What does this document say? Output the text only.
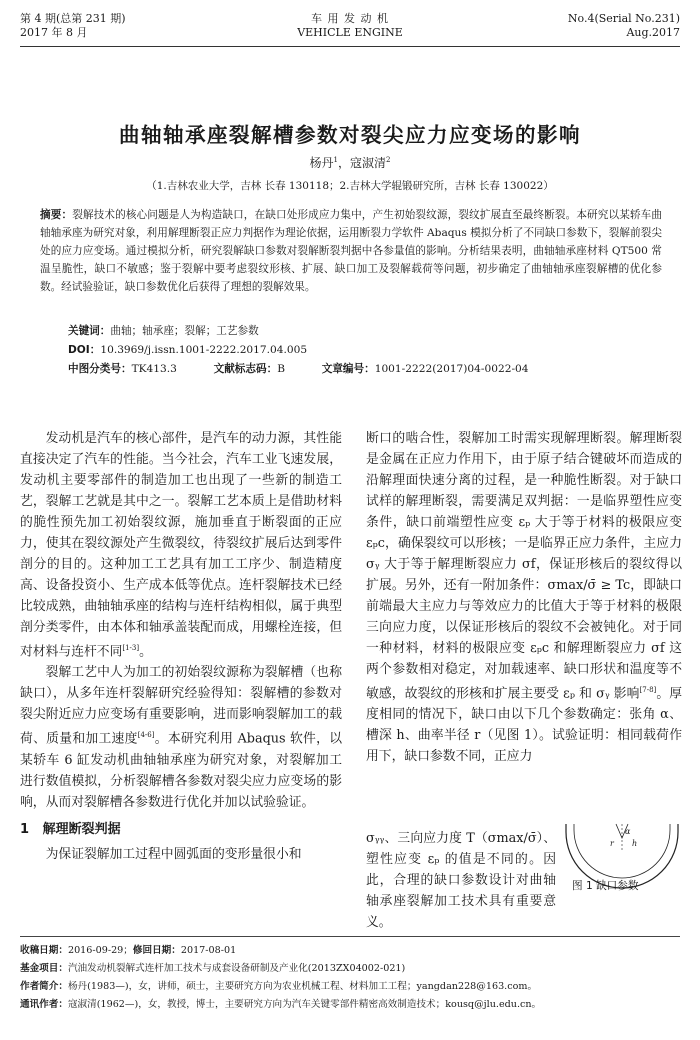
第 4 期(总第 231 期)
2017 年 8 月
车 用 发 动 机
VEHICLE ENGINE
No.4(Serial No.231)
Aug.2017
曲轴轴承座裂解槽参数对裂尖应力应变场的影响
杨丹$^1$，寇淑清$^2$
（1.吉林农业大学，吉林 长春 130118；2.吉林大学辊锻研究所，吉林 长春 130022）
摘要：裂解技术的核心问题是人为构造缺口，在缺口处形成应力集中，产生初始裂纹源，裂纹扩展直至最终断裂。本研究以某轿车曲轴轴承座为研究对象，利用解理断裂正应力判据作为理论依据，运用断裂力学软件 Abaqus 模拟分析了不同缺口参数下，裂解前裂尖处的应力应变场。通过模拟分析，研究裂解缺口参数对裂解断裂判据中各参量值的影响。分析结果表明，曲轴轴承座材料 QT500 常温呈脆性，缺口不敏感；鉴于裂解中要考虑裂纹形核、扩展、缺口加工及裂解载荷等问题，初步确定了曲轴轴承座裂解槽的优化参数。经试验验证，缺口参数优化后获得了理想的裂解效果。
关键词：曲轴；轴承座；裂解；工艺参数
DOI：10.3969/j.issn.1001-2222.2017.04.005
中图分类号：TK413.3	文献标志码：B	文章编号：1001-2222(2017)04-0022-04

发动机是汽车的核心部件，是汽车的动力源，其性能直接决定了汽车的性能。当今社会，汽车工业飞速发展，发动机主要零部件的制造加工也出现了一些新的制造工艺，裂解工艺就是其中之一。裂解工艺本质上是借助材料的脆性预先加工初始裂纹源，施加垂直于断裂面的正应力，使其在裂纹源处产生微裂纹，待裂纹扩展后达到零件剖分的目的。这种加工工艺具有加工工序少、制造精度高、设备投资小、生产成本低等优点。连杆裂解技术已经比较成熟，曲轴轴承座的结构与连杆结构相似，属于典型剖分类零件，由本体和轴承盖装配而成，用螺栓连接，但对材料与连杆不同[1-3]。

裂解工艺中人为加工的初始裂纹源称为裂解槽（也称缺口），从多年连杆裂解研究经验得知：裂解槽的参数对裂尖附近应力应变场有重要影响，进而影响裂解加工的载荷、质量和加工速度[4-6]。本研究利用 Abaqus 软件，以某轿车 6 缸发动机曲轴轴承座为研究对象，对裂解加工进行数值模拟，分析裂解槽各参数对裂尖应力应变场的影响，从而对裂解槽各参数进行优化并加以试验验证。

1 解理断裂判据

为保证裂解加工过程中圆弧面的变形量很小和

断口的啮合性，裂解加工时需实现解理断裂。解理断裂是金属在正应力作用下，由于原子结合键破坏而造成的沿解理面快速分离的过程，是一种脆性断裂。对于缺口试样的解理断裂，需要满足双判据：一是临界塑性应变条件，缺口前端塑性应变 εₚ 大于等于材料的极限应变 εₚc，确保裂纹可以形核；一是临界正应力条件，主应力 σᵧ 大于等于解理断裂应力 σf，保证形核后的裂纹得以扩展。另外，还有一附加条件：σmax/σ̄ ≥ Tc，即缺口前端最大主应力与等效应力的比值大于等于材料的极限三向应力度，以保证形核后的裂纹不会被钝化。对于同一种材料，材料的极限应变 εₚc 和解理断裂应力 σf 这两个参数相对稳定，对加载速率、缺口形状和温度等不敏感，故裂纹的形核和扩展主要受 εₚ 和 σᵧ 影响[7-8]。厚度相同的情况下，缺口由以下几个参数确定：张角 α、槽深 h、曲率半径 r（见图 1）。试验证明：相同载荷作用下，缺口参数不同，正应力
σᵧᵧ、三向应力度 T（σmax/σ̄）、塑性应变 εₚ 的值是不同的。因此，合理的缺口参数设计对曲轴轴承座裂解加工技术具有重要意义。
α
h
r
图 1 缺口参数
收稿日期：2016-09-29；修回日期：2017-08-01
基金项目：汽油发动机裂解式连杆加工技术与成套设备研制及产业化(2013ZX04002-021)
作者简介：杨丹(1983—)，女，讲师，硕士，主要研究方向为农业机械工程、材料加工工程；yangdan228@163.com。
通讯作者：寇淑清(1962—)，女，教授，博士，主要研究方向为汽车关键零部件精密高效制造技术；kousq@jlu.edu.cn。
